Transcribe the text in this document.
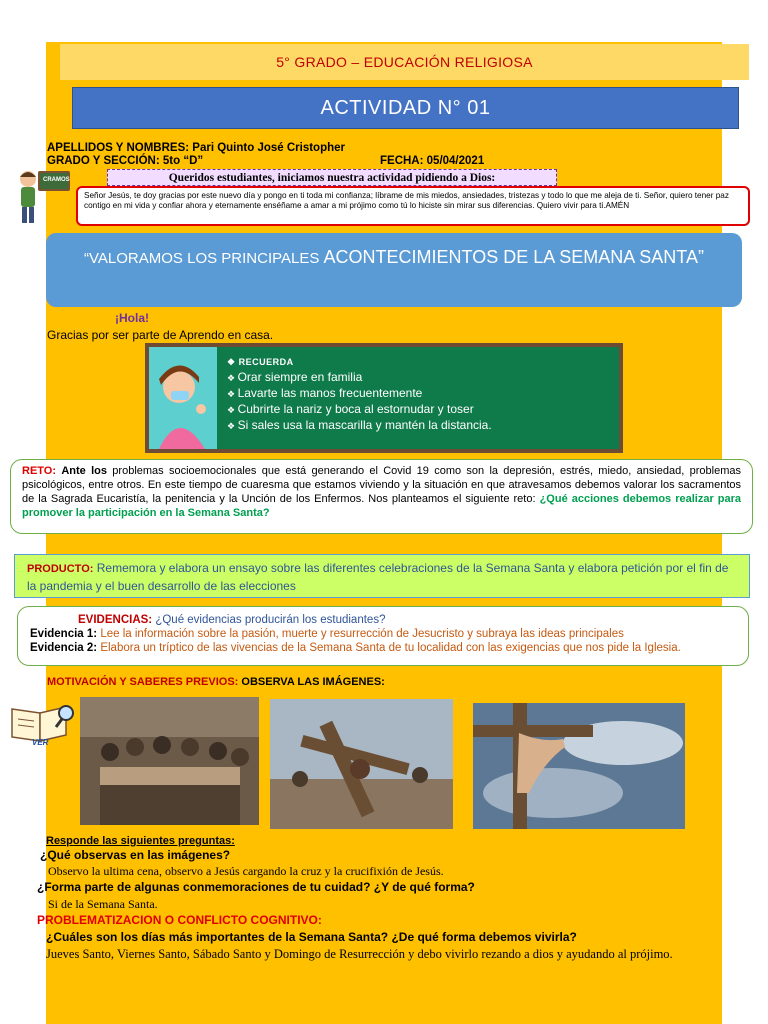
5° GRADO – EDUCACIÓN RELIGIOSA
ACTIVIDAD N° 01
APELLIDOS Y NOMBRES: Pari Quinto José Cristopher
GRADO Y SECCIÓN: 5to “D”	FECHA: 05/04/2021
CRAMOS	Queridos estudiantes, iniciamos nuestra actividad pidiendo a Dios:
Señor Jesús, te doy gracias por este nuevo día y pongo en ti toda mi confianza; líbrame de mis miedos, ansiedades, tristezas y todo lo que me aleja de ti. Señor, quiero tener paz contigo en mi vida y confiar ahora y eternamente enséñame a amar a mi prójimo como tú lo hiciste sin mirar sus diferencias. Quiero vivir para ti.AMÉN
“VALORAMOS LOS PRINCIPALES ACONTECIMIENTOS DE LA SEMANA SANTA”
¡Hola!
Gracias por ser parte de Aprendo en casa.
❖ RECUERDA
❖ Orar siempre en familia
❖ Lavarte las manos frecuentemente
❖ Cubrirte la nariz y boca al estornudar y toser
❖ Si sales usa la mascarilla y mantén la distancia.
RETO: Ante los problemas socioemocionales que está generando el Covid 19 como son la depresión, estrés, miedo, ansiedad, problemas psicológicos, entre otros. En este tiempo de cuaresma que estamos viviendo y la situación en que atravesamos debemos valorar los sacramentos de la Sagrada Eucaristía, la penitencia y la Unción de los Enfermos. Nos planteamos el siguiente reto: ¿Qué acciones debemos realizar para promover la participación en la Semana Santa?
PRODUCTO: Rememora y elabora un ensayo sobre las diferentes celebraciones de la Semana Santa y elabora petición por el fin de la pandemia y el buen desarrollo de las elecciones
EVIDENCIAS: ¿Qué evidencias producirán los estudiantes?
Evidencia 1: Lee la información sobre la pasión, muerte y resurrección de Jesucristo y subraya las ideas principales
Evidencia 2: Elabora un tríptico de las vivencias de la Semana Santa de tu localidad con las exigencias que nos pide la Iglesia.
MOTIVACIÓN Y SABERES PREVIOS: OBSERVA LAS IMÁGENES:
VER
Responde las siguientes preguntas:
¿Qué observas en las imágenes?
Observo la ultima cena, observo a Jesús cargando la cruz y la crucifixión de Jesús.
¿Forma parte de algunas conmemoraciones de tu cuidad? ¿Y de qué forma?
Si de la Semana Santa.
PROBLEMATIZACION O CONFLICTO COGNITIVO:
¿Cuáles son los días más importantes de la Semana Santa? ¿De qué forma debemos vivirla?
Jueves Santo, Viernes Santo, Sábado Santo y Domingo de Resurrección y debo vivirlo rezando a dios y ayudando al prójimo.
